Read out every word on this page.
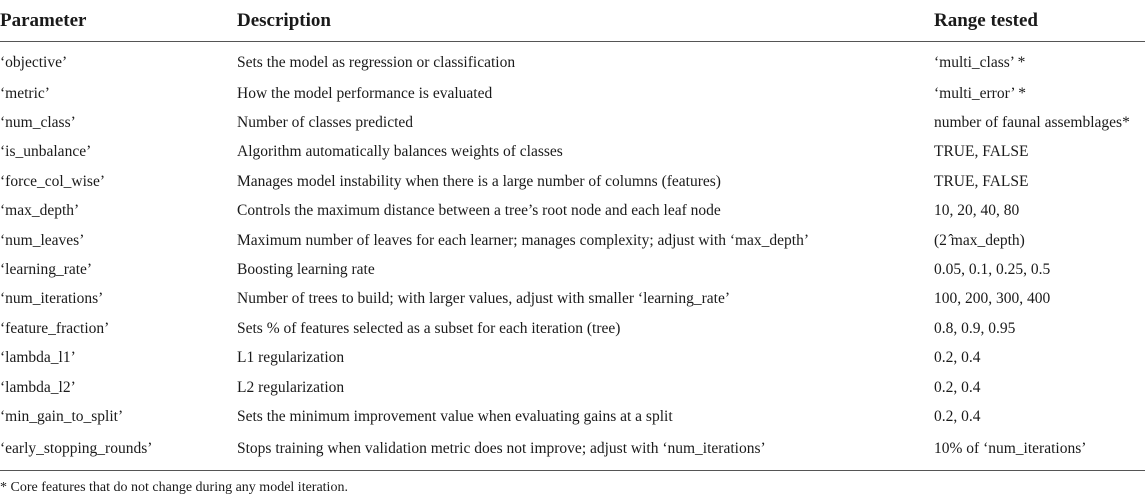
Parameter	Description	Range tested
‘objective’	Sets the model as regression or classification	‘multi_class’ *
‘metric’	How the model performance is evaluated	‘multi_error’ *
‘num_class’	Number of classes predicted	number of faunal assemblages*
‘is_unbalance’	Algorithm automatically balances weights of classes	TRUE, FALSE
‘force_col_wise’	Manages model instability when there is a large number of columns (features)	TRUE, FALSE
‘max_depth’	Controls the maximum distance between a tree’s root node and each leaf node	10, 20, 40, 80
‘num_leaves’	Maximum number of leaves for each learner; manages complexity; adjust with ‘max_depth’	(2 ̂max_depth)
‘learning_rate’	Boosting learning rate	0.05, 0.1, 0.25, 0.5
‘num_iterations’	Number of trees to build; with larger values, adjust with smaller ‘learning_rate’	100, 200, 300, 400
‘feature_fraction’	Sets % of features selected as a subset for each iteration (tree)	0.8, 0.9, 0.95
‘lambda_l1’	L1 regularization	0.2, 0.4
‘lambda_l2’	L2 regularization	0.2, 0.4
‘min_gain_to_split’	Sets the minimum improvement value when evaluating gains at a split	0.2, 0.4
‘early_stopping_rounds’	Stops training when validation metric does not improve; adjust with ‘num_iterations’	10% of ‘num_iterations’
* Core features that do not change during any model iteration.
